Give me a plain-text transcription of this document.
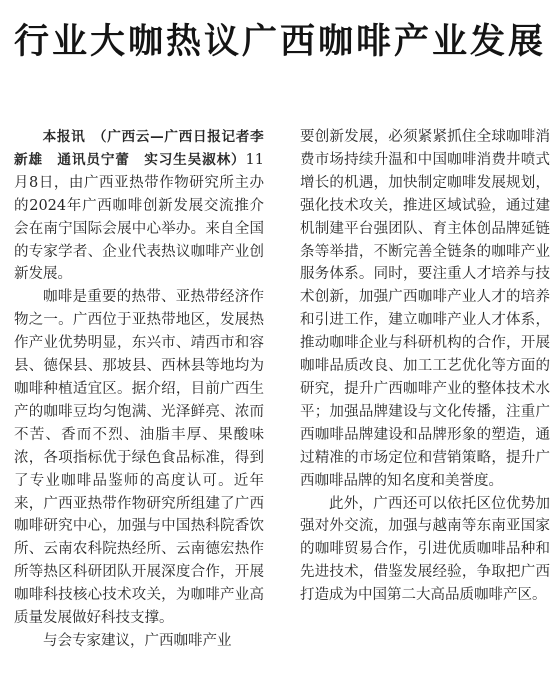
行业大咖热议广西咖啡产业发展

　　本报讯　（广西云—广西日报记者李新雄　通讯员宁蕾　实习生吴淑林）11月8日，由广西亚热带作物研究所主办的2024年广西咖啡创新发展交流推介会在南宁国际会展中心举办。来自全国的专家学者、企业代表热议咖啡产业创新发展。

咖啡是重要的热带、亚热带经济作物之一。广西位于亚热带地区，发展热作产业优势明显，东兴市、靖西市和容县、德保县、那坡县、西林县等地均为咖啡种植适宜区。据介绍，目前广西生产的咖啡豆均匀饱满、光泽鲜亮、浓而不苦、香而不烈、油脂丰厚、果酸味浓，各项指标优于绿色食品标准，得到了专业咖啡品鉴师的高度认可。近年来，广西亚热带作物研究所组建了广西咖啡研究中心，加强与中国热科院香饮所、云南农科院热经所、云南德宏热作所等热区科研团队开展深度合作，开展咖啡科技核心技术攻关，为咖啡产业高质量发展做好科技支撑。

与会专家建议，广西咖啡产业

要创新发展，必须紧紧抓住全球咖啡消费市场持续升温和中国咖啡消费井喷式增长的机遇，加快制定咖啡发展规划，强化技术攻关，推进区域试验，通过建机制建平台强团队、育主体创品牌延链条等举措，不断完善全链条的咖啡产业服务体系。同时，要注重人才培养与技术创新，加强广西咖啡产业人才的培养和引进工作，建立咖啡产业人才体系，推动咖啡企业与科研机构的合作，开展咖啡品质改良、加工工艺优化等方面的研究，提升广西咖啡产业的整体技术水平；加强品牌建设与文化传播，注重广西咖啡品牌建设和品牌形象的塑造，通过精准的市场定位和营销策略，提升广西咖啡品牌的知名度和美誉度。

此外，广西还可以依托区位优势加强对外交流，加强与越南等东南亚国家的咖啡贸易合作，引进优质咖啡品种和先进技术，借鉴发展经验，争取把广西打造成为中国第二大高品质咖啡产区。
